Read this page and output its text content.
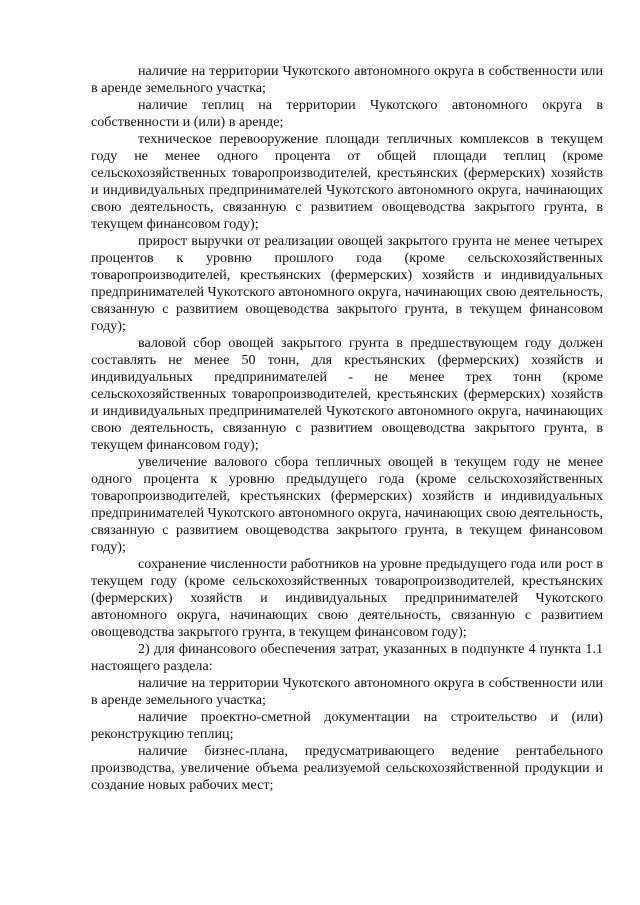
наличие на территории Чукотского автономного округа в собственности или в аренде земельного участка;

наличие теплиц на территории Чукотского автономного округа в собственности и (или) в аренде;

техническое перевооружение площади тепличных комплексов в текущем году не менее одного процента от общей площади теплиц (кроме сельскохозяйственных товаропроизводителей, крестьянских (фермерских) хозяйств и индивидуальных предпринимателей Чукотского автономного округа, начинающих свою деятельность, связанную с развитием овощеводства закрытого грунта, в текущем финансовом году);

прирост выручки от реализации овощей закрытого грунта не менее четырех процентов к уровню прошлого года (кроме сельскохозяйственных товаропроизводителей, крестьянских (фермерских) хозяйств и индивидуальных предпринимателей Чукотского автономного округа, начинающих свою деятельность, связанную с развитием овощеводства закрытого грунта, в текущем финансовом году);

валовой сбор овощей закрытого грунта в предшествующем году должен составлять не менее 50 тонн, для крестьянских (фермерских) хозяйств и индивидуальных предпринимателей - не менее трех тонн (кроме сельскохозяйственных товаропроизводителей, крестьянских (фермерских) хозяйств и индивидуальных предпринимателей Чукотского автономного округа, начинающих свою деятельность, связанную с развитием овощеводства закрытого грунта, в текущем финансовом году);

увеличение валового сбора тепличных овощей в текущем году не менее одного процента к уровню предыдущего года (кроме сельскохозяйственных товаропроизводителей, крестьянских (фермерских) хозяйств и индивидуальных предпринимателей Чукотского автономного округа, начинающих свою деятельность, связанную с развитием овощеводства закрытого грунта, в текущем финансовом году);

сохранение численности работников на уровне предыдущего года или рост в текущем году (кроме сельскохозяйственных товаропроизводителей, крестьянских (фермерских) хозяйств и индивидуальных предпринимателей Чукотского автономного округа, начинающих свою деятельность, связанную с развитием овощеводства закрытого грунта, в текущем финансовом году);

2) для финансового обеспечения затрат, указанных в подпункте 4 пункта 1.1 настоящего раздела:

наличие на территории Чукотского автономного округа в собственности или в аренде земельного участка;

наличие проектно-сметной документации на строительство и (или) реконструкцию теплиц;

наличие бизнес-плана, предусматривающего ведение рентабельного производства, увеличение объема реализуемой сельскохозяйственной продукции и создание новых рабочих мест;
